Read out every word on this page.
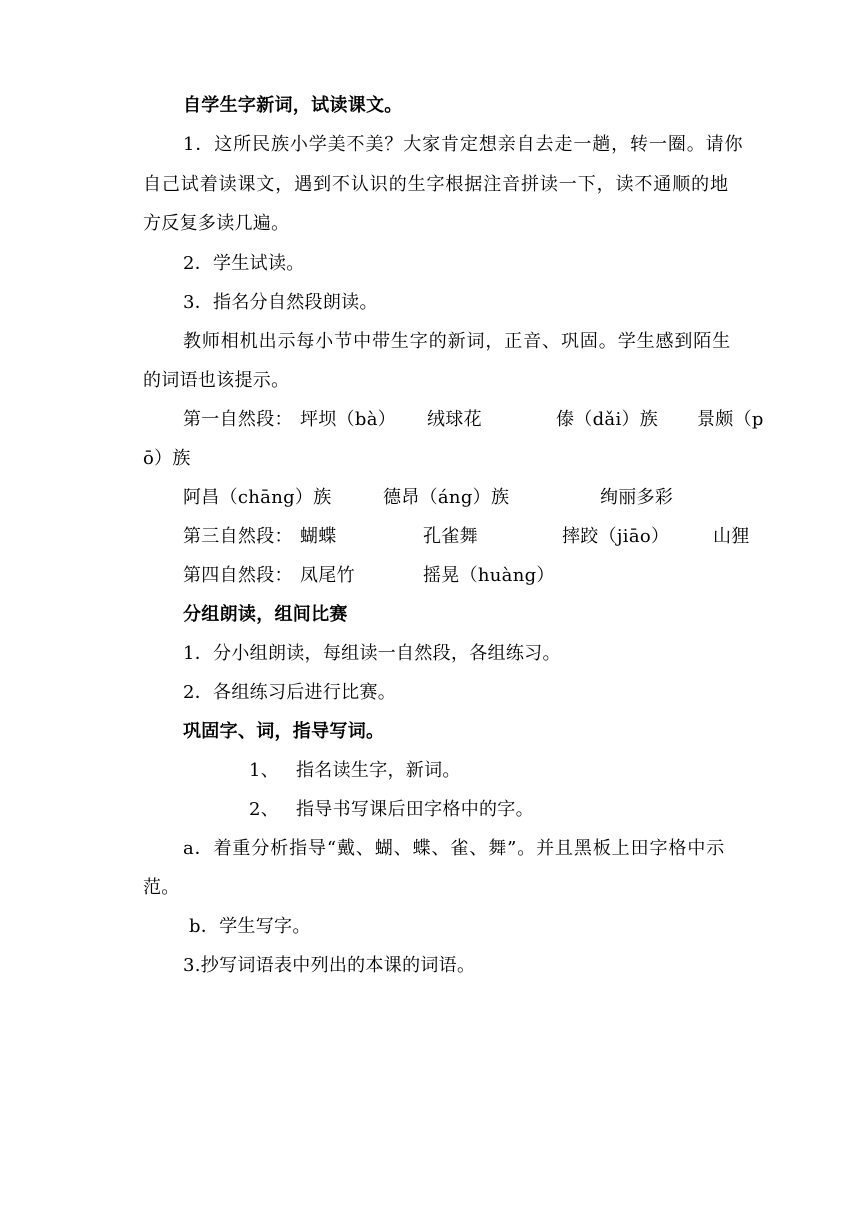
自学生字新词，试读课文。
1．这所民族小学美不美？大家肯定想亲自去走一趟，转一圈。请你
自己试着读课文，遇到不认识的生字根据注音拼读一下，读不通顺的地
方反复多读几遍。
2．学生试读。
3．指名分自然段朗读。
教师相机出示每小节中带生字的新词，正音、巩固。学生感到陌生
的词语也该提示。
第一自然段： 坪坝（bà） 绒球花	傣（dǎi）族 景颇（p
ō）族
阿昌（chāng）族	德昂（áng）族	绚丽多彩
第三自然段： 蝴蝶	孔雀舞	摔跤（jiāo） 山狸
第四自然段： 凤尾竹	摇晃（huàng）
分组朗读，组间比赛
1．分小组朗读，每组读一自然段，各组练习。
2．各组练习后进行比赛。
巩固字、词，指导写词。
1、 指名读生字，新词。
2、 指导书写课后田字格中的字。
a．着重分析指导“戴、蝴、蝶、雀、舞”。并且黑板上田字格中示
范。
b．学生写字。
3.抄写词语表中列出的本课的词语。
